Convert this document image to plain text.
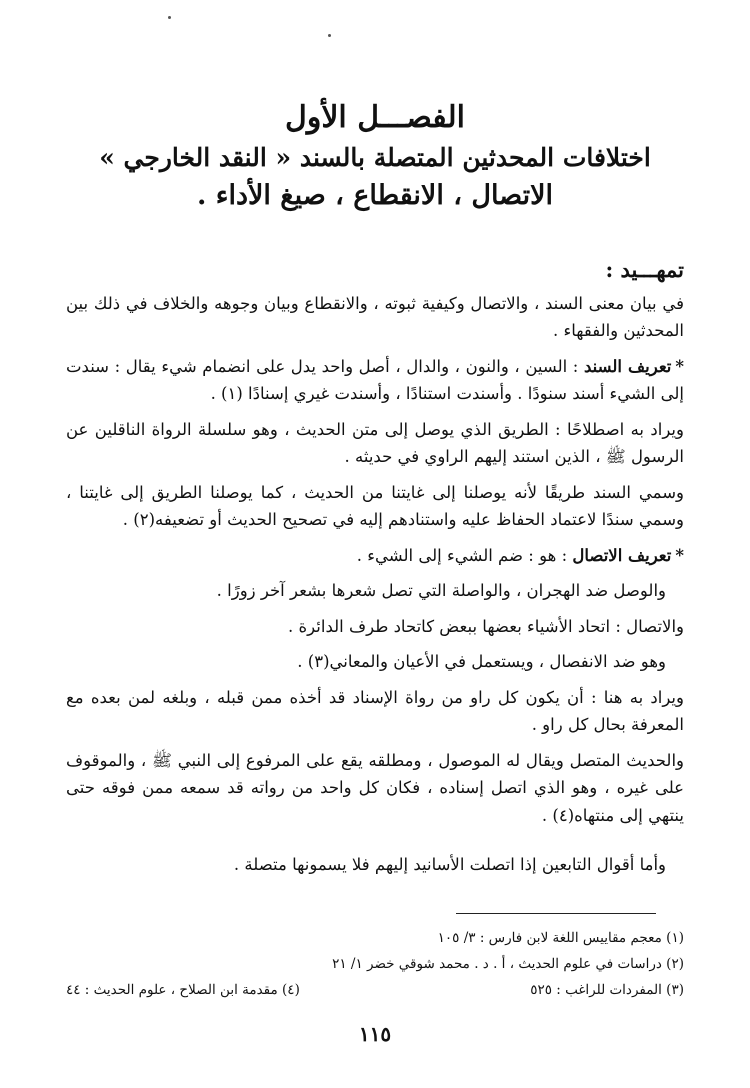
الفصـــل الأول
اختلافات المحدثين المتصلة بالسند « النقد الخارجي »
الاتصال ، الانقطاع ، صيغ الأداء .
تمهـــيد :

في بيان معنى السند ، والاتصال وكيفية ثبوته ، والانقطاع وبيان وجوهه والخلاف في ذلك بين المحدثين والفقهاء .

*تعريف السند : السين ، والنون ، والدال ، أصل واحد يدل على انضمام شيء يقال : سندت إلى الشيء أسند سنودًا . وأسندت استنادًا ، وأسندت غيري إسنادًا (١) .

ويراد به اصطلاحًا : الطريق الذي يوصل إلى متن الحديث ، وهو سلسلة الرواة الناقلين عن الرسول ﷺ ، الذين استند إليهم الراوي في حديثه .

وسمي السند طريقًا لأنه يوصلنا إلى غايتنا من الحديث ، كما يوصلنا الطريق إلى غايتنا ، وسمي سندًا لاعتماد الحفاظ عليه واستنادهم إليه في تصحيح الحديث أو تضعيفه(٢) .

*تعريف الاتصال : هو : ضم الشيء إلى الشيء .

والوصل ضد الهجران ، والواصلة التي تصل شعرها بشعر آخر زورًا .

والاتصال : اتحاد الأشياء بعضها ببعض كاتحاد طرف الدائرة .

وهو ضد الانفصال ، ويستعمل في الأعيان والمعاني(٣) .

ويراد به هنا : أن يكون كل راو من رواة الإسناد قد أخذه ممن قبله ، وبلغه لمن بعده مع المعرفة بحال كل راو .

والحديث المتصل ويقال له الموصول ، ومطلقه يقع على المرفوع إلى النبي ﷺ ، والموقوف على غيره ، وهو الذي اتصل إسناده ، فكان كل واحد من رواته قد سمعه ممن فوقه حتى ينتهي إلى منتهاه(٤) .

وأما أقوال التابعين إذا اتصلت الأسانيد إليهم فلا يسمونها متصلة .

(١) معجم مقاييس اللغة لابن فارس : ٣/ ١٠٥
(٢) دراسات في علوم الحديث ، أ . د . محمد شوقي خضر ١/ ٢١
(٣) المفردات للراغب : ٥٢٥
(٤) مقدمة ابن الصلاح ، علوم الحديث : ٤٤
١١٥
